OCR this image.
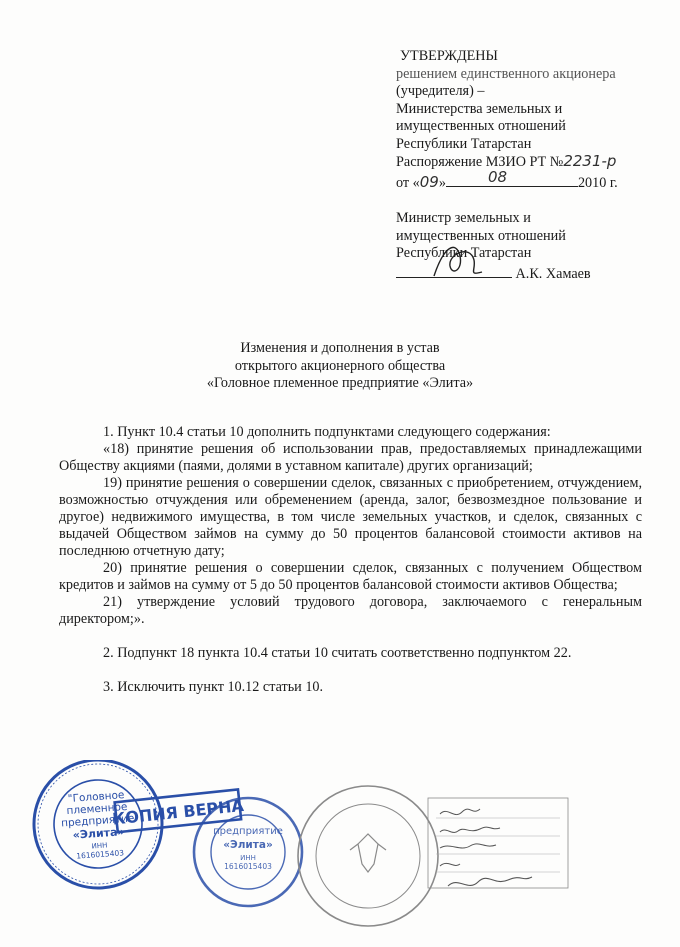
УТВЕРЖДЕНЫ
решением единственного акционера
(учредителя) –
Министерства земельных и
имущественных отношений
Республики Татарстан
Распоряжение МЗИО РТ №2231-р
от «09»	08	2010 г.
Министр земельных и
имущественных отношений
Республики Татарстан
А.К. Хамаев
Изменения и дополнения в устав
открытого акционерного общества
«Головное племенное предприятие «Элита»

1. Пункт 10.4 статьи 10 дополнить подпунктами следующего содержания:

«18) принятие решения об использовании прав, предоставляемых принадлежащими Обществу акциями (паями, долями в уставном капитале) других организаций;

19) принятие решения о совершении сделок, связанных с приобретением, отчуждением, возможностью отчуждения или обременением (аренда, залог, безвозмездное пользование и другое) недвижимого имущества, в том числе земельных участков, и сделок, связанных с выдачей Обществом займов на сумму до 50 процентов балансовой стоимости активов на последнюю отчетную дату;

20) принятие решения о совершении сделок, связанных с получением Обществом кредитов и займов на сумму от 5 до 50 процентов балансовой стоимости активов Общества;

21) утверждение условий трудового договора, заключаемого с генеральным директором;».

2. Подпункт 18 пункта 10.4 статьи 10 считать соответственно подпунктом 22.

3. Исключить пункт 10.12 статьи 10.

"Головное
племенное
предприятие
«Элита»
ИНН
1616015403
КОПИЯ ВЕРНА
предприятие
«Элита»
ИНН
1616015403
